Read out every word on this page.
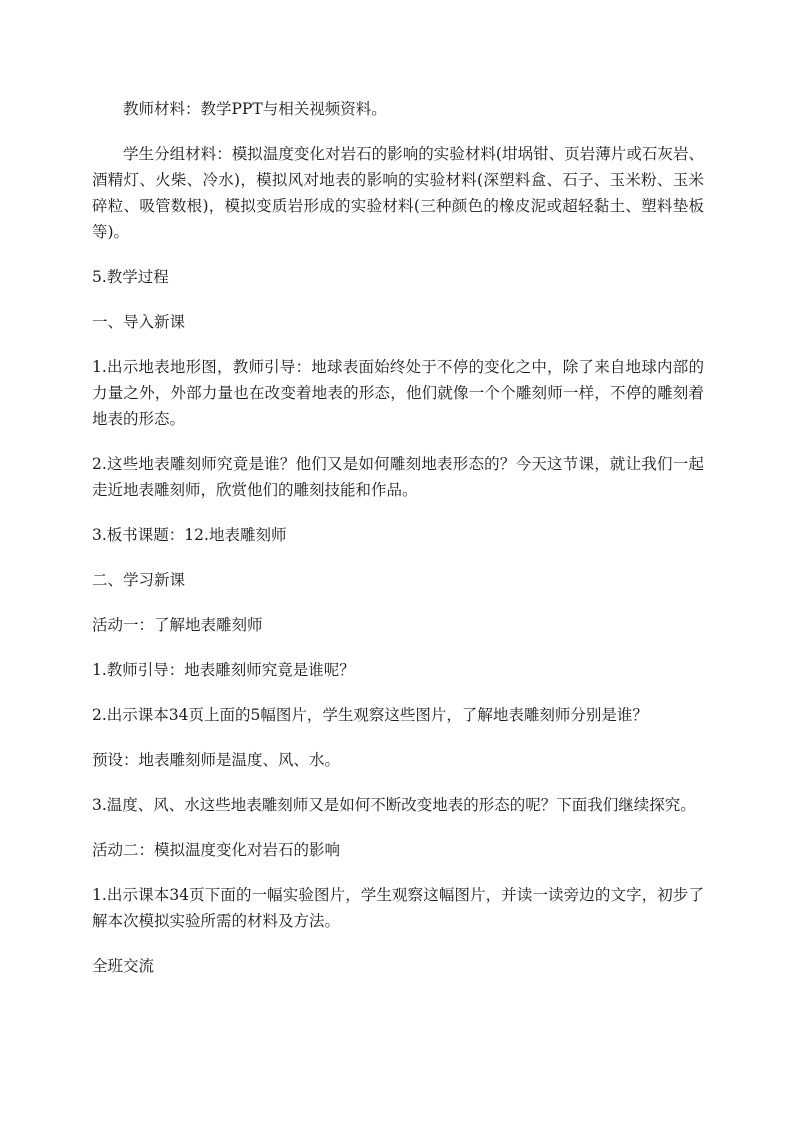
教师材料：教学PPT与相关视频资料。

学生分组材料：模拟温度变化对岩石的影响的实验材料(坩埚钳、页岩薄片或石灰岩、酒精灯、火柴、冷水)，模拟风对地表的影响的实验材料(深塑料盒、石子、玉米粉、玉米碎粒、吸管数根)，模拟变质岩形成的实验材料(三种颜色的橡皮泥或超轻黏土、塑料垫板等)。

5.教学过程

一、导入新课

1.出示地表地形图，教师引导：地球表面始终处于不停的变化之中，除了来自地球内部的力量之外，外部力量也在改变着地表的形态，他们就像一个个雕刻师一样，不停的雕刻着地表的形态。

2.这些地表雕刻师究竟是谁？他们又是如何雕刻地表形态的？今天这节课，就让我们一起走近地表雕刻师，欣赏他们的雕刻技能和作品。

3.板书课题：12.地表雕刻师

二、学习新课

活动一：了解地表雕刻师

1.教师引导：地表雕刻师究竟是谁呢？

2.出示课本34页上面的5幅图片，学生观察这些图片，了解地表雕刻师分别是谁？

预设：地表雕刻师是温度、风、水。

3.温度、风、水这些地表雕刻师又是如何不断改变地表的形态的呢？下面我们继续探究。

活动二：模拟温度变化对岩石的影响

1.出示课本34页下面的一幅实验图片，学生观察这幅图片，并读一读旁边的文字，初步了解本次模拟实验所需的材料及方法。

全班交流
